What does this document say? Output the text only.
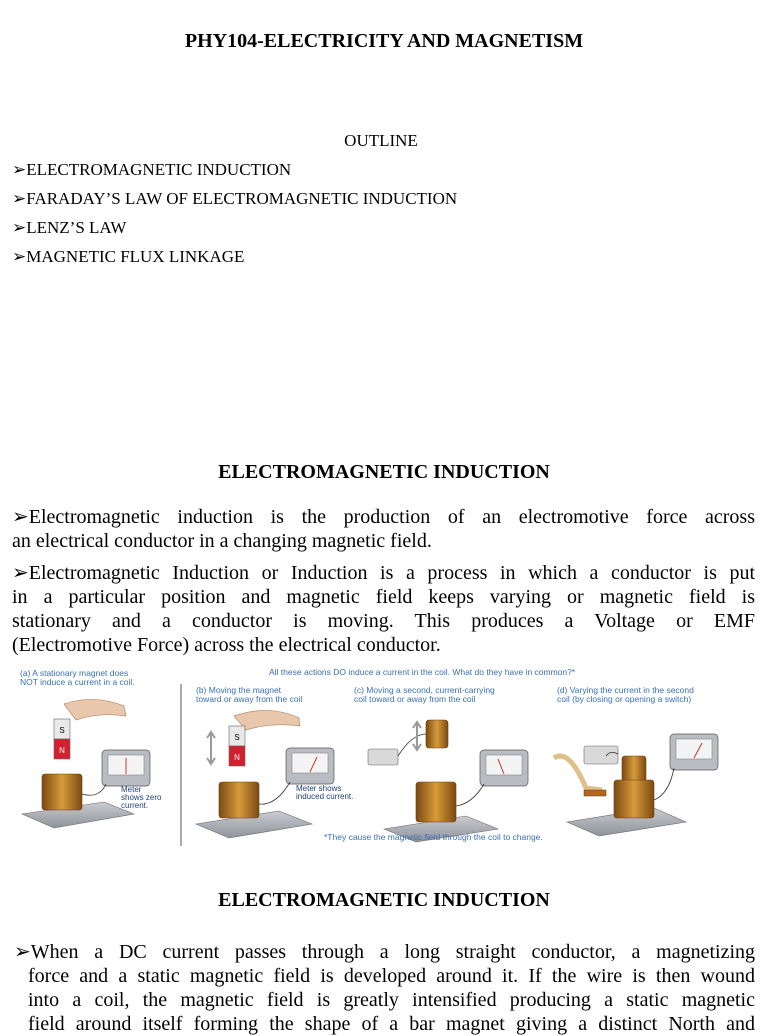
PHY104-ELECTRICITY AND MAGNETISM
OUTLINE
➢ELECTROMAGNETIC INDUCTION
➢FARADAY’S LAW OF ELECTROMAGNETIC INDUCTION
➢LENZ’S LAW
➢MAGNETIC FLUX LINKAGE
ELECTROMAGNETIC INDUCTION
➢Electromagnetic induction is the production of an electromotive force across
an electrical conductor in a changing magnetic field.
➢Electromagnetic Induction or Induction is a process in which a conductor is put
in a particular position and magnetic field keeps varying or magnetic field is
stationary and a conductor is moving. This produces a Voltage or EMF
(Electromotive Force) across the electrical conductor.
(a) A stationary magnet does
NOT induce a current in a coil.
All these actions DO induce a current in the coil. What do they have in common?*
(b) Moving the magnet
toward or away from the coil
(c) Moving a second, current-carrying
coil toward or away from the coil
(d) Varying the current in the second
coil (by closing or opening a switch)
S
N
Meter
shows zero
current.
S
N
Meter shows
induced current.
*They cause the magnetic field through the coil to change.
ELECTROMAGNETIC INDUCTION
➢When a DC current passes through a long straight conductor, a magnetizing
force and a static magnetic field is developed around it. If the wire is then wound
into a coil, the magnetic field is greatly intensified producing a static magnetic
field around itself forming the shape of a bar magnet giving a distinct North and
